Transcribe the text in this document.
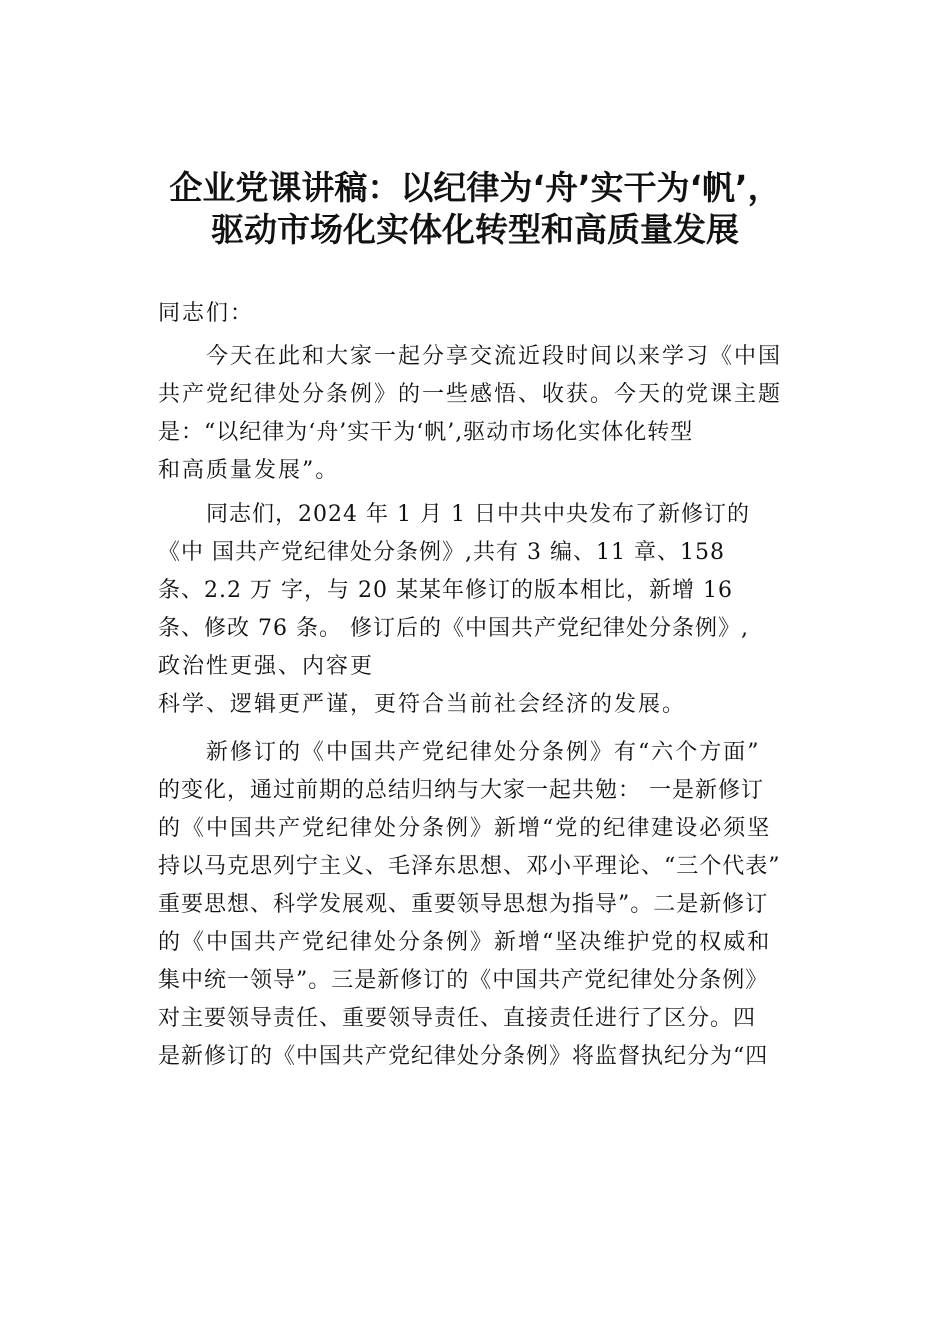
企业党课讲稿：以纪律为‘舟’实干为‘帆’，
驱动市场化实体化转型和高质量发展
同志们：
今天在此和大家一起分享交流近段时间以来学习《中国
共产党纪律处分条例》的一些感悟、收获。今天的党课主题
是：“以纪律为‘舟’实干为‘帆’,驱动市场化实体化转型
和高质量发展”。
同志们，2024 年 1 月 1 日中共中央发布了新修订的
《中 国共产党纪律处分条例》,共有 3 编、11 章、158
条、2.2 万 字，与 20 某某年修订的版本相比，新增 16
条、修改 76 条。 修订后的《中国共产党纪律处分条例》,
政治性更强、内容更
科学、逻辑更严谨，更符合当前社会经济的发展。
新修订的《中国共产党纪律处分条例》有“六个方面”
的变化，通过前期的总结归纳与大家一起共勉： 一是新修订
的《中国共产党纪律处分条例》新增“党的纪律建设必须坚
持以马克思列宁主义、毛泽东思想、邓小平理论、“三个代表”
重要思想、科学发展观、重要领导思想为指导”。二是新修订
的《中国共产党纪律处分条例》新增“坚决维护党的权威和
集中统一领导”。三是新修订的《中国共产党纪律处分条例》
对主要领导责任、重要领导责任、直接责任进行了区分。四
是新修订的《中国共产党纪律处分条例》将监督执纪分为“四
